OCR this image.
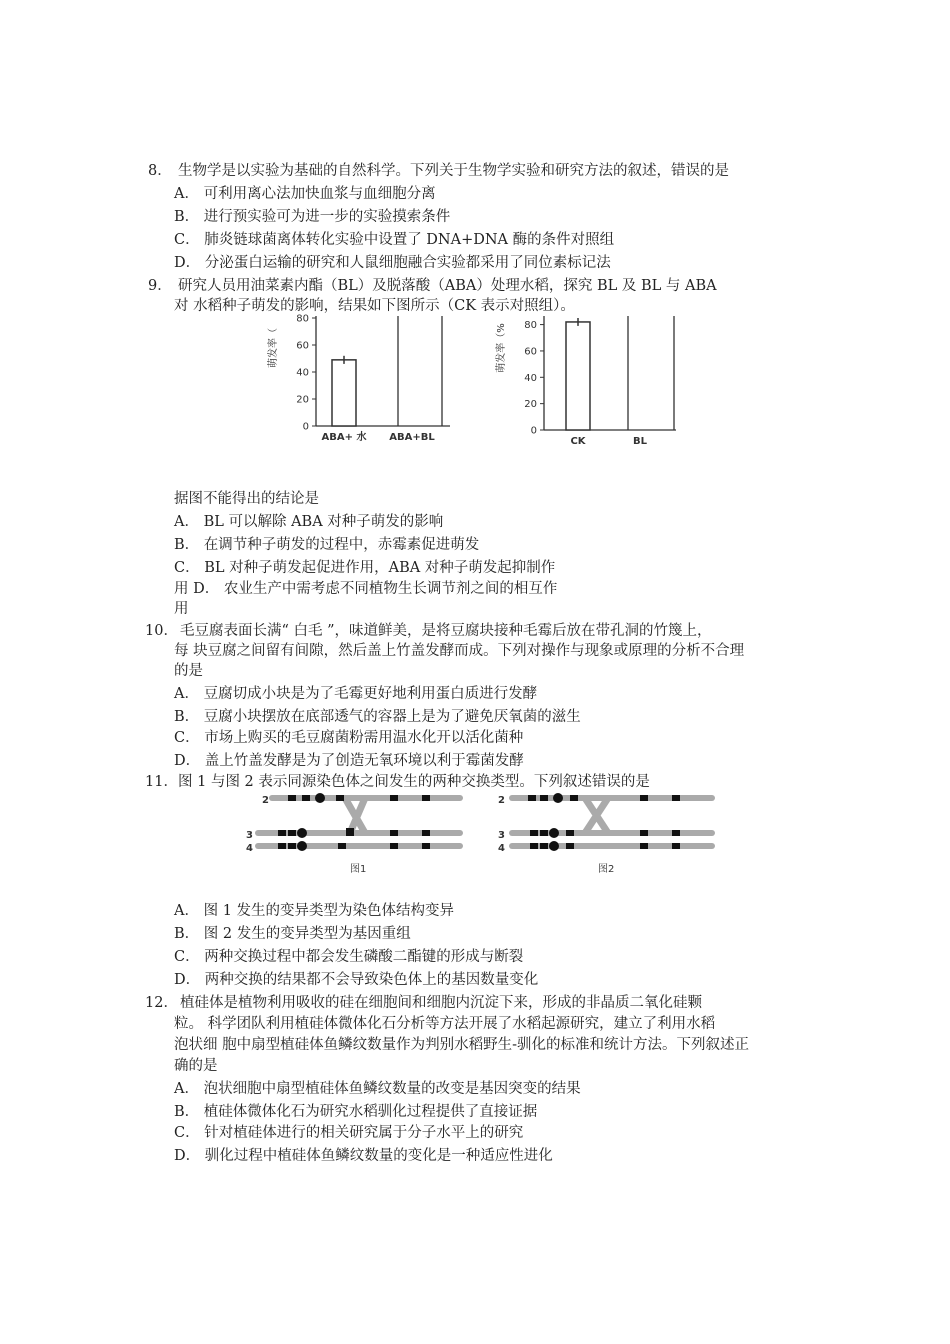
8． 生物学是以实验为基础的自然科学。下列关于生物学实验和研究方法的叙述，错误的是
A． 可利用离心法加快血浆与血细胞分离
B． 进行预实验可为进一步的实验摸索条件
C． 肺炎链球菌离体转化实验中设置了 DNA+DNA 酶的条件对照组
D． 分泌蛋白运输的研究和人鼠细胞融合实验都采用了同位素标记法
9． 研究人员用油菜素内酯（BL）及脱落酸（ABA）处理水稻，探究 BL 及 BL 与 ABA
对 水稻种子萌发的影响，结果如下图所示（CK 表示对照组）。
萌发率（
0
20
40
60
80
ABA+ 水 ABA+BL
萌发率（%
0
20
40
60
80
CK	BL
据图不能得出的结论是
A． BL 可以解除 ABA 对种子萌发的影响
B． 在调节种子萌发的过程中，赤霉素促进萌发
C． BL 对种子萌发起促进作用，ABA 对种子萌发起抑制作
用 D． 农业生产中需考虑不同植物生长调节剂之间的相互作
用
10． 毛豆腐表面长满“ 白毛 ”，味道鲜美，是将豆腐块接种毛霉后放在带孔洞的竹篾上，
每 块豆腐之间留有间隙，然后盖上竹盖发酵而成。下列对操作与现象或原理的分析不合理
的是
A． 豆腐切成小块是为了毛霉更好地利用蛋白质进行发酵
B． 豆腐小块摆放在底部透气的容器上是为了避免厌氧菌的滋生
C． 市场上购买的毛豆腐菌粉需用温水化开以活化菌种
D． 盖上竹盖发酵是为了创造无氧环境以利于霉菌发酵
11． 图 1 与图 2 表示同源染色体之间发生的两种交换类型。下列叙述错误的是
2
3
4
图1
2
3
4
图2
A． 图 1 发生的变异类型为染色体结构变异
B． 图 2 发生的变异类型为基因重组
C． 两种交换过程中都会发生磷酸二酯键的形成与断裂
D． 两种交换的结果都不会导致染色体上的基因数量变化
12． 植硅体是植物利用吸收的硅在细胞间和细胞内沉淀下来，形成的非晶质二氧化硅颗
粒。 科学团队利用植硅体微体化石分析等方法开展了水稻起源研究，建立了利用水稻
泡状细 胞中扇型植硅体鱼鳞纹数量作为判别水稻野生-驯化的标准和统计方法。下列叙述正
确的是
A． 泡状细胞中扇型植硅体鱼鳞纹数量的改变是基因突变的结果
B． 植硅体微体化石为研究水稻驯化过程提供了直接证据
C． 针对植硅体进行的相关研究属于分子水平上的研究
D． 驯化过程中植硅体鱼鳞纹数量的变化是一种适应性进化
